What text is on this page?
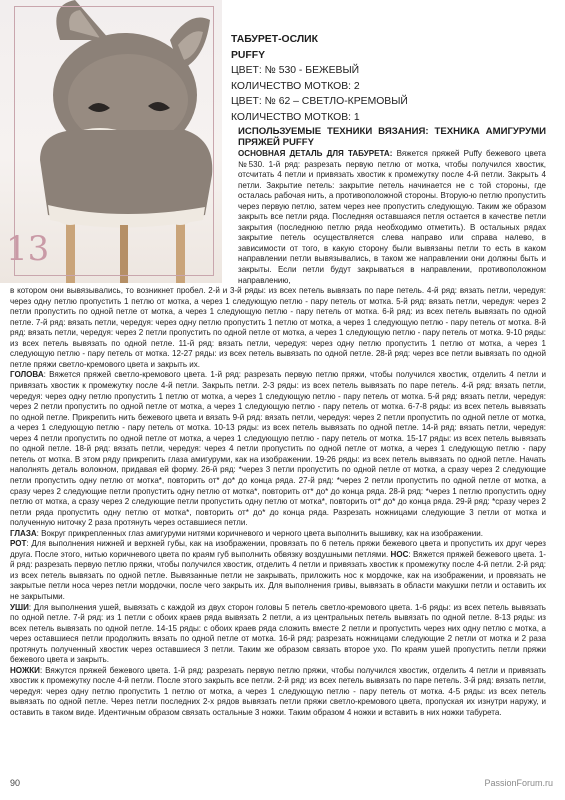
13
ТАБУРЕТ-ОСЛИК
PUFFY
ЦВЕТ: № 530 - БЕЖЕВЫЙ
КОЛИЧЕСТВО МОТКОВ: 2
ЦВЕТ: № 62 – СВЕТЛО-КРЕМОВЫЙ
КОЛИЧЕСТВО МОТКОВ: 1

ИСПОЛЬЗУЕМЫЕ ТЕХНИКИ ВЯЗАНИЯ: ТЕХНИКА АМИГУРУМИ ПРЯЖЕЙ PUFFY

ОСНОВНАЯ ДЕТАЛЬ ДЛЯ ТАБУРЕТА: Вяжется пряжей Puffy бежевого цвета №530. 1-й ряд: разрезать первую петлю от мотка, чтобы получился хвостик, отсчитать 4 петли и привязать хвостик к промежутку после 4-й петли. Закрыть 4 петли. Закрытие петель: закрытие петель начинается не с той стороны, где осталась рабочая нить, а противоположной стороны. Вторую-ю петлю пропустить через первую петлю, затем через нее пропустить следующую. Таким же образом закрыть все петли ряда. Последняя оставшаяся петля остается в качестве петли закрытия (последнюю петлю ряда необходимо отметить). В остальных рядах закрытие петель осуществляется слева направо или справа налево, в зависимости от того, в какую сторону были вывязаны петли то есть в каком направлении петли вывязывались, в таком же направлении они должны быть и закрыты. Если петли будут закрываться в направлении, противоположном направлению,

в котором они вывязывались, то возникнет пробел. 2-й и 3-й ряды: из всех петель вывязать по паре петель. 4-й ряд: вязать петли, чередуя: через одну петлю пропустить 1 петлю от мотка, а через 1 следующую петлю - пару петель от мотка. 5-й ряд: вязать петли, чередуя: через 2 петли пропустить по одной петле от мотка, а через 1 следующую петлю - пару петель от мотка. 6-й ряд: из всех петель вывязать по одной петле. 7-й ряд: вязать петли, чередуя: через одну петлю пропустить 1 петлю от мотка, а через 1 следующую петлю - пару петель от мотка. 8-й ряд: вязать петли, чередуя: через 2 петли пропустить по одной петле от мотка, а через 1 следующую петлю - пару петель от мотка. 9-10 ряды: из всех петель вывязать по одной петле. 11-й ряд: вязать петли, чередуя: через одну петлю пропустить 1 петлю от мотка, а через 1 следующую петлю - пару петель от мотка. 12-27 ряды: из всех петель вывязать по одной петле. 28-й ряд: через все петли вывязать по одной петле пряжи светло-кремового цвета и закрыть их.

ГОЛОВА: Вяжется пряжей светло-кремового цвета. 1-й ряд: разрезать первую петлю пряжи, чтобы получился хвостик, отделить 4 петли и привязать хвостик к промежутку после 4-й петли. Закрыть петли. 2-3 ряды: из всех петель вывязать по паре петель. 4-й ряд: вязать петли, чередуя: через одну петлю пропустить 1 петлю от мотка, а через 1 следующую петлю - пару петель от мотка. 5-й ряд: вязать петли, чередуя: через 2 петли пропустить по одной петле от мотка, а через 1 следующую петлю - пару петель от мотка. 6-7-8 ряды: из всех петель вывязать по одной петле. Прикрепить нить бежевого цвета и вязать 9-й ряд: вязать петли, чередуя: через 2 петли пропустить по одной петле от мотка, а через 1 следующую петлю - пару петель от мотка. 10-13 ряды: из всех петель вывязать по одной петле. 14-й ряд: вязать петли, чередуя: через 4 петли пропустить по одной петле от мотка, а через 1 следующую петлю - пару петель от мотка. 15-17 ряды: из всех петель вывязать по одной петле. 18-й ряд: вязать петли, чередуя: через 4 петли пропустить по одной петле от мотка, а через 1 следующую петлю - пару петель от мотка. В этом ряду прикрепить глаза амигуруми, как на изображении. 19-26 ряды: из всех петель вывязать по одной петле. Начать наполнять деталь волокном, придавая ей форму. 26-й ряд: *через 3 петли пропустить по одной петле от мотка, а сразу через 2 следующие петли пропустить одну петлю от мотка*, повторить от* до* до конца ряда. 27-й ряд: *через 2 петли пропустить по одной петле от мотка, а сразу через 2 следующие петли пропустить одну петлю от мотка*, повторить от* до* до конца ряда. 28-й ряд: *через 1 петлю пропустить одну петлю от мотка, а сразу через 2 следующие петли пропустить одну петлю от мотка*, повторить от* до* до конца ряда. 29-й ряд: *сразу через 2 петли ряда пропустить одну петлю от мотка*, повторить от* до* до конца ряда. Разрезать ножницами следующие 3 петли от мотка и полученную ниточку 2 раза протянуть через оставшиеся петли.

ГЛАЗА: Вокруг прикрепленных глаз амигуруми нитями коричневого и черного цвета выполнить вышивку, как на изображении.

РОТ: Для выполнения нижней и верхней губы, как на изображении, провязать по 6 петель пряжи бежевого цвета и пропустить их друг через друга. После этого, нитью коричневого цвета по краям губ выполнить обвязку воздушными петлями. НОС: Вяжется пряжей бежевого цвета. 1-й ряд: разрезать первую петлю пряжи, чтобы получился хвостик, отделить 4 петли и привязать хвостик к промежутку после 4-й петли. 2-й ряд: из всех петель вывязать по одной петле. Вывязанные петли не закрывать, приложить нос к мордочке, как на изображении, и провязать не закрытые петли носа через петли мордочки, после чего закрыть их. Для выполнения гривы, вывязать в области макушки петли и оставить их не закрытыми.

УШИ: Для выполнения ушей, вывязать с каждой из двух сторон головы 5 петель светло-кремового цвета. 1-6 ряды: из всех петель вывязать по одной петле. 7-й ряд: из 1 петли с обоих краев ряда вывязать 2 петли, а из центральных петель вывязать по одной петле. 8-13 ряды: из всех петель вывязать по одной петле. 14-15 ряды: с обоих краев ряда сложить вместе 2 петли и пропустить через них одну петлю с мотка, а через оставшиеся петли продолжить вязать по одной петле от мотка. 16-й ряд: разрезать ножницами следующие 2 петли от мотка и 2 раза протянуть полученный хвостик через оставшиеся 3 петли. Таким же образом связать второе ухо. По краям ушей пропустить петли пряжи бежевого цвета и закрыть.

НОЖКИ: Вяжутся пряжей бежевого цвета. 1-й ряд: разрезать первую петлю пряжи, чтобы получился хвостик, отделить 4 петли и привязать хвостик к промежутку после 4-й петли. После этого закрыть все петли. 2-й ряд: из всех петель вывязать по паре петель. 3-й ряд: вязать петли, чередуя: через одну петлю пропустить 1 петлю от мотка, а через 1 следующую петлю - пару петель от мотка. 4-5 ряды: из всех петель вывязать по одной петле. Через петли последних 2-х рядов вывязать петли пряжи светло-кремового цвета, пропуская их изнутри наружу, и оставить в таком виде. Идентичным образом связать остальные 3 ножки. Таким образом 4 ножки и вставить в них ножки табурета.

90	PassionForum.ru
